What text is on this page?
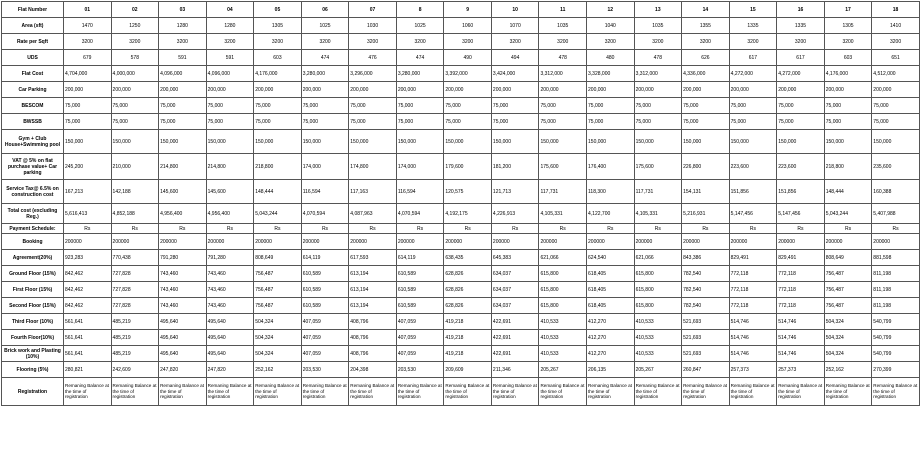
Flat Number	01	02	03	04	05	06	07	8	9	10	11	12	13	14	15	16	17	18
Area (sft)	1470	1250	1280	1280	1305	1025	1030	1025	1060	1070	1035	1040	1035	1355	1335	1335	1305	1410
Rate per Sqft	3200	3200	3200	3200	3200	3200	3200	3200	3200	3200	3200	3200	3200	3200	3200	3200	3200	3200
UDS	679	578	591	591	603	474	476	474	490	494	478	480	478	626	617	617	603	651
Flat Cost	4,704,000	4,000,000	4,096,000	4,096,000	4,176,000	3,280,000	3,296,000	3,280,000	3,392,000	3,424,000	3,312,000	3,328,000	3,312,000	4,336,000	4,272,000	4,272,000	4,176,000	4,512,000
Car Parking	200,000	200,000	200,000	200,000	200,000	200,000	200,000	200,000	200,000	200,000	200,000	200,000	200,000	200,000	200,000	200,000	200,000	200,000
BESCOM	75,000	75,000	75,000	75,000	75,000	75,000	75,000	75,000	75,000	75,000	75,000	75,000	75,000	75,000	75,000	75,000	75,000	75,000
BWSSB	75,000	75,000	75,000	75,000	75,000	75,000	75,000	75,000	75,000	75,000	75,000	75,000	75,000	75,000	75,000	75,000	75,000	75,000
Gym + Club House+Swimming pool	150,000	150,000	150,000	150,000	150,000	150,000	150,000	150,000	150,000	150,000	150,000	150,000	150,000	150,000	150,000	150,000	150,000	150,000
VAT @ 5% on flat purchase value+ Car parking	245,200	210,000	214,800	214,800	218,800	174,000	174,800	174,000	179,600	181,200	175,600	176,400	175,600	226,800	223,600	223,600	218,800	235,600
Service Tax@ 6.5% on construction cost	167,213	142,188	145,600	145,600	148,444	116,594	117,163	116,594	120,575	121,713	117,731	118,300	117,731	154,131	151,856	151,856	148,444	160,388
Total cost (excluding Reg.)	5,616,413	4,852,188	4,956,400	4,956,400	5,043,244	4,070,594	4,087,963	4,070,594	4,192,175	4,226,913	4,105,331	4,122,700	4,105,331	5,216,931	5,147,456	5,147,456	5,043,244	5,407,988
Payment Schedule:	Rs	Rs	Rs	Rs	Rs	Rs	Rs	Rs	Rs	Rs	Rs	Rs	Rs	Rs	Rs	Rs	Rs	Rs
Booking	200000	200000	200000	200000	200000	200000	200000	200000	200000	200000	200000	200000	200000	200000	200000	200000	200000	200000
Agreement(20%)	923,283	770,438	791,280	791,280	808,649	614,119	617,593	614,119	638,435	645,383	621,066	624,540	621,066	843,386	829,491	829,491	808,649	881,598
Ground Floor (15%)	842,462	727,828	743,460	743,460	756,487	610,589	613,194	610,589	628,826	634,037	615,800	618,405	615,800	782,540	772,118	772,118	756,487	811,198
First Floor (15%)	842,462	727,828	743,460	743,460	756,487	610,589	613,194	610,589	628,826	634,037	615,800	618,405	615,800	782,540	772,118	772,118	756,487	811,198
Second Floor (15%)	842,462	727,828	743,460	743,460	756,487	610,589	613,194	610,589	628,826	634,037	615,800	618,405	615,800	782,540	772,118	772,118	756,487	811,198
Third Floor (10%)	561,641	485,219	495,640	495,640	504,324	407,059	408,796	407,059	419,218	422,691	410,533	412,270	410,533	521,693	514,746	514,746	504,324	540,799
Fourth Floor(10%)	561,641	485,219	495,640	495,640	504,324	407,059	408,796	407,059	419,218	422,691	410,533	412,270	410,533	521,693	514,746	514,746	504,324	540,799
Brick work and Plasting (10%)	561,641	485,219	495,640	495,640	504,324	407,059	408,796	407,059	419,218	422,691	410,533	412,270	410,533	521,693	514,746	514,746	504,324	540,799
Flooring (5%)	280,821	242,609	247,820	247,820	252,162	203,530	204,398	203,530	209,609	211,346	205,267	206,135	205,267	260,847	257,373	257,373	252,162	270,399
Registration	Remaning Balance at the time of registration	Remaning Balance at the time of registration	Remaning Balance at the time of registration	Remaning Balance at the time of registration	Remaning Balance at the time of registration	Remaning Balance at the time of registration	Remaning Balance at the time of registration	Remaning Balance at the time of registration	Remaning Balance at the time of registration	Remaning Balance at the time of registration	Remaning Balance at the time of registration	Remaning Balance at the time of registration	Remaning Balance at the time of registration	Remaning Balance at the time of registration	Remaning Balance at the time of registration	Remaning Balance at the time of registration	Remaning Balance at the time of registration	Remaning Balance at the time of registration
